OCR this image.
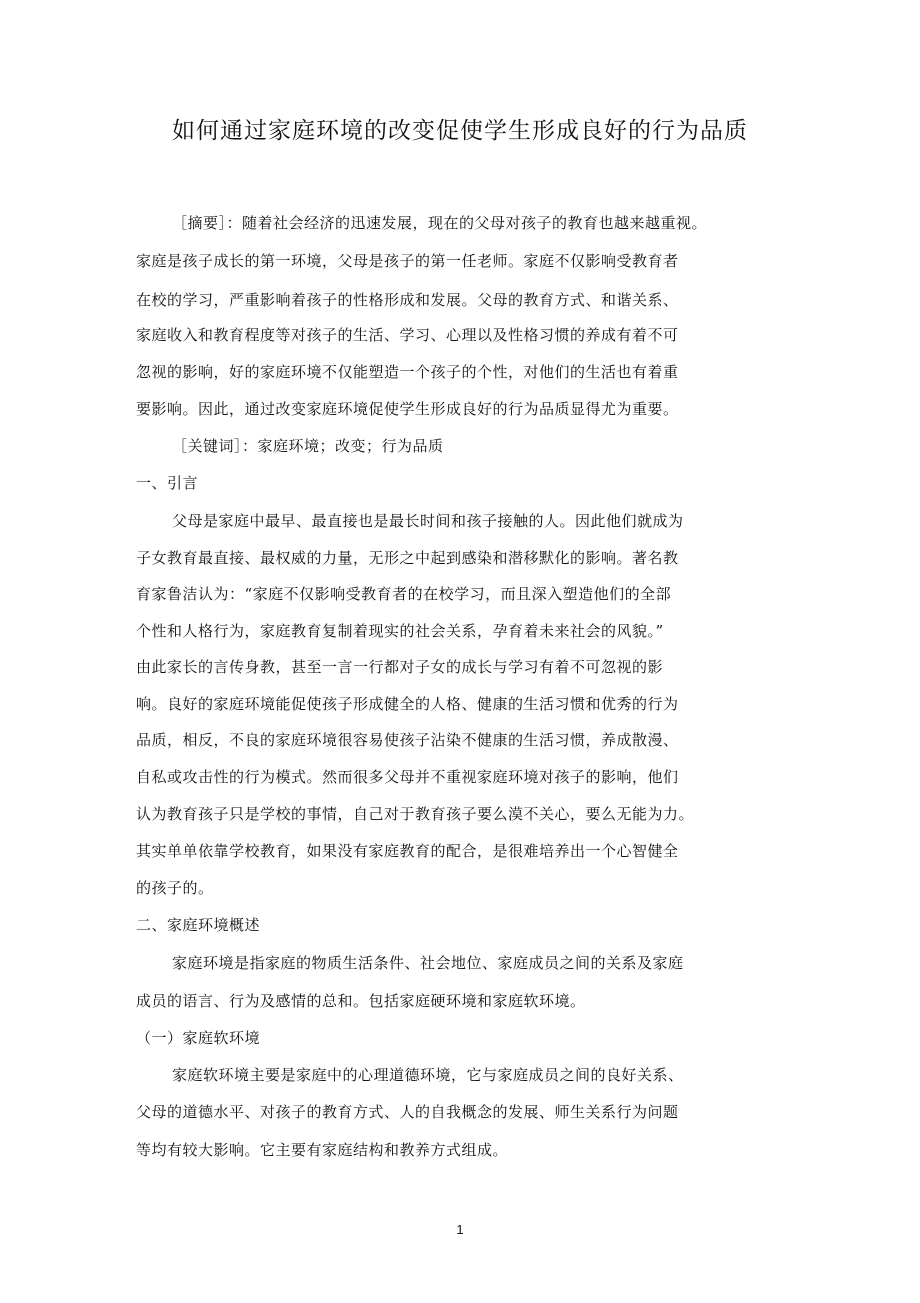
如何通过家庭环境的改变促使学生形成良好的行为品质
［摘要］：随着社会经济的迅速发展，现在的父母对孩子的教育也越来越重视。
家庭是孩子成长的第一环境，父母是孩子的第一任老师。家庭不仅影响受教育者
在校的学习，严重影响着孩子的性格形成和发展。父母的教育方式、和谐关系、
家庭收入和教育程度等对孩子的生活、学习、心理以及性格习惯的养成有着不可
忽视的影响，好的家庭环境不仅能塑造一个孩子的个性，对他们的生活也有着重
要影响。因此，通过改变家庭环境促使学生形成良好的行为品质显得尤为重要。
［关键词］：家庭环境；改变；行为品质
一、引言
父母是家庭中最早、最直接也是最长时间和孩子接触的人。因此他们就成为
子女教育最直接、最权威的力量，无形之中起到感染和潜移默化的影响。著名教
育家鲁洁认为：“家庭不仅影响受教育者的在校学习，而且深入塑造他们的全部
个性和人格行为，家庭教育复制着现实的社会关系，孕育着未来社会的风貌。”
由此家长的言传身教，甚至一言一行都对子女的成长与学习有着不可忽视的影
响。良好的家庭环境能促使孩子形成健全的人格、健康的生活习惯和优秀的行为
品质，相反，不良的家庭环境很容易使孩子沾染不健康的生活习惯，养成散漫、
自私或攻击性的行为模式。然而很多父母并不重视家庭环境对孩子的影响，他们
认为教育孩子只是学校的事情，自己对于教育孩子要么漠不关心，要么无能为力。
其实单单依靠学校教育，如果没有家庭教育的配合，是很难培养出一个心智健全
的孩子的。
二、家庭环境概述
家庭环境是指家庭的物质生活条件、社会地位、家庭成员之间的关系及家庭
成员的语言、行为及感情的总和。包括家庭硬环境和家庭软环境。
（一）家庭软环境
家庭软环境主要是家庭中的心理道德环境，它与家庭成员之间的良好关系、
父母的道德水平、对孩子的教育方式、人的自我概念的发展、师生关系行为问题
等均有较大影响。它主要有家庭结构和教养方式组成。
1
